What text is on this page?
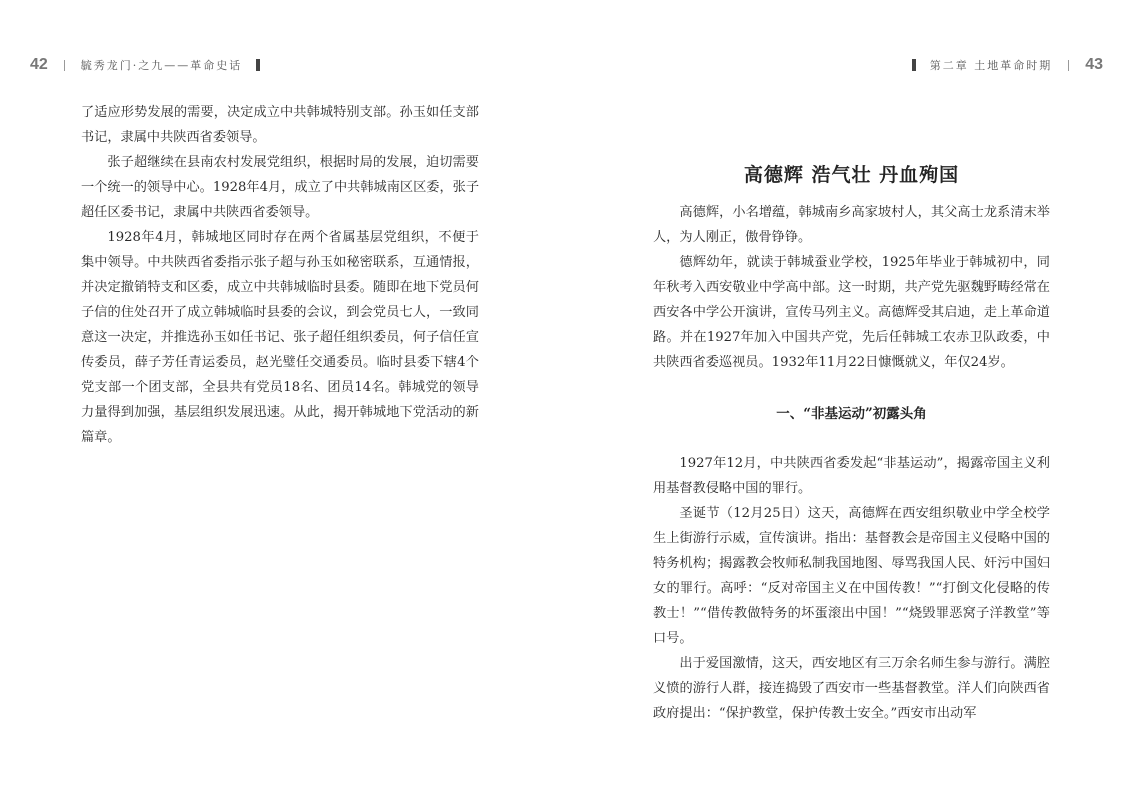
42	毓秀龙门·之九——革命史话

了适应形势发展的需要，决定成立中共韩城特别支部。孙玉如任支部书记，隶属中共陕西省委领导。

张子超继续在县南农村发展党组织，根据时局的发展，迫切需要一个统一的领导中心。1928年4月，成立了中共韩城南区区委，张子超任区委书记，隶属中共陕西省委领导。

1928年4月，韩城地区同时存在两个省属基层党组织，不便于集中领导。中共陕西省委指示张子超与孙玉如秘密联系，互通情报，并决定撤销特支和区委，成立中共韩城临时县委。随即在地下党员何子信的住处召开了成立韩城临时县委的会议，到会党员七人，一致同意这一决定，并推选孙玉如任书记、张子超任组织委员，何子信任宣传委员，薛子芳任青运委员，赵光璧任交通委员。临时县委下辖4个党支部一个团支部，全县共有党员18名、团员14名。韩城党的领导力量得到加强，基层组织发展迅速。从此，揭开韩城地下党活动的新篇章。

第二章 土地革命时期 43
高德辉 浩气壮 丹血殉国

高德辉，小名增蕴，韩城南乡高家坡村人，其父高士龙系清末举人，为人刚正，傲骨铮铮。

德辉幼年，就读于韩城蚕业学校，1925年毕业于韩城初中，同年秋考入西安敬业中学高中部。这一时期，共产党先驱魏野畴经常在西安各中学公开演讲，宣传马列主义。高德辉受其启迪，走上革命道路。并在1927年加入中国共产党，先后任韩城工农赤卫队政委，中共陕西省委巡视员。1932年11月22日慷慨就义，年仅24岁。

一、“非基运动”初露头角

1927年12月，中共陕西省委发起“非基运动”，揭露帝国主义利用基督教侵略中国的罪行。

圣诞节（12月25日）这天，高德辉在西安组织敬业中学全校学生上街游行示威，宣传演讲。指出：基督教会是帝国主义侵略中国的特务机构；揭露教会牧师私制我国地图、辱骂我国人民、奸污中国妇女的罪行。高呼：“反对帝国主义在中国传教！”“打倒文化侵略的传教士！”“借传教做特务的坏蛋滚出中国！”“烧毁罪恶窝子洋教堂”等口号。

出于爱国激情，这天，西安地区有三万余名师生参与游行。满腔义愤的游行人群，接连捣毁了西安市一些基督教堂。洋人们向陕西省政府提出：“保护教堂，保护传教士安全。”西安市出动军
